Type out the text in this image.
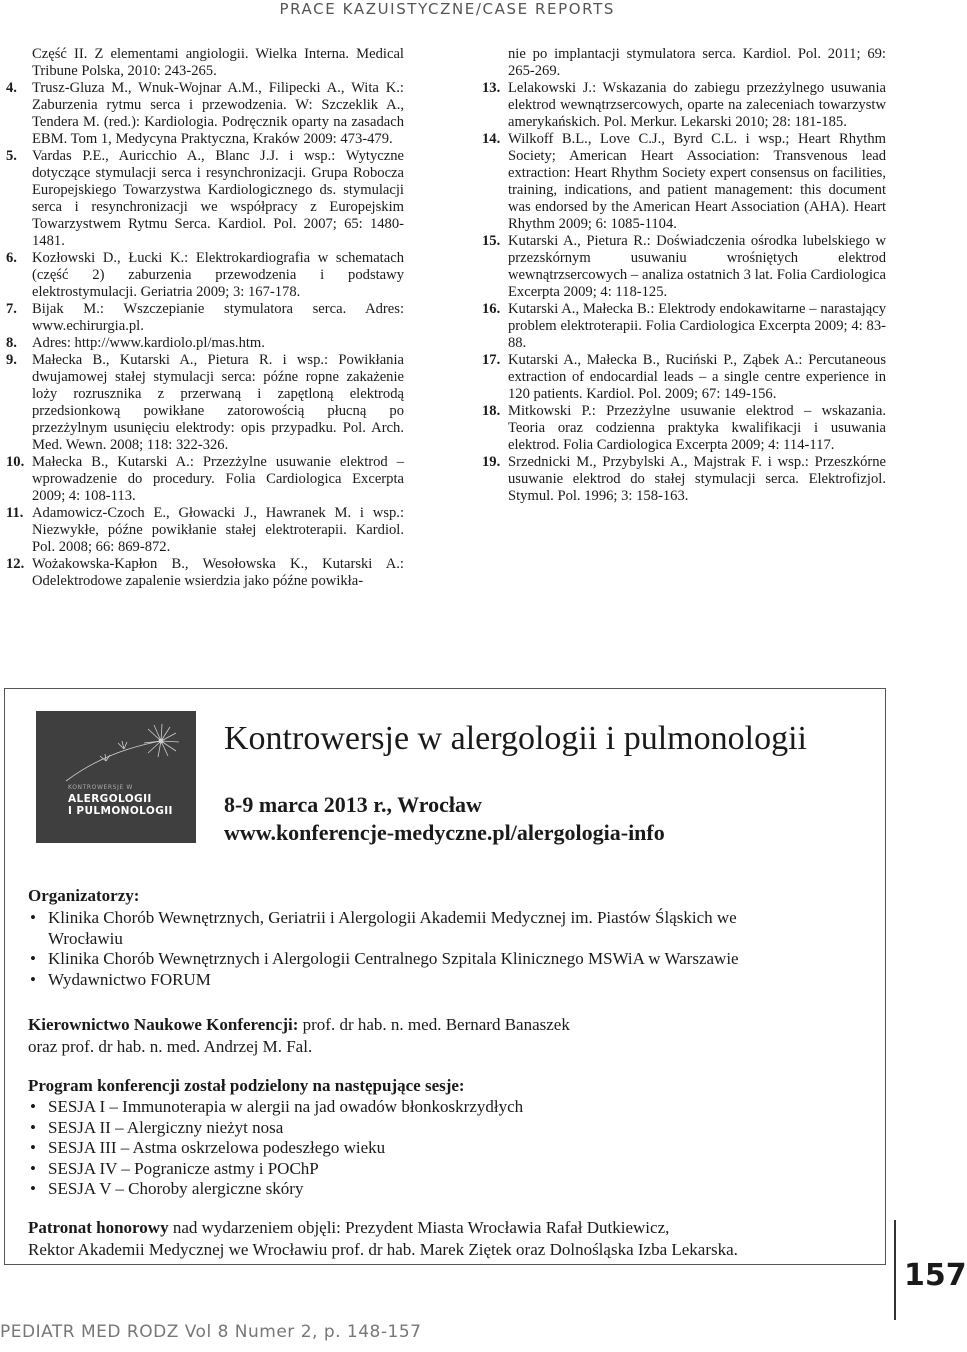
PRACE KAZUISTYCZNE/CASE REPORTS
Część II. Z elementami angiologii. Wielka Interna. Medical Tribune Polska, 2010: 243-265.
4. Trusz-Gluza M., Wnuk-Wojnar A.M., Filipecki A., Wita K.: Zaburzenia rytmu serca i przewodzenia. W: Szczeklik A., Tendera M. (red.): Kardiologia. Podręcznik oparty na zasadach EBM. Tom 1, Medycyna Praktyczna, Kraków 2009: 473-479.
5. Vardas P.E., Auricchio A., Blanc J.J. i wsp.: Wytyczne dotyczące stymulacji serca i resynchronizacji. Grupa Robocza Europejskiego Towarzystwa Kardiologicznego ds. stymulacji serca i resynchronizacji we współpracy z Europejskim Towarzystwem Rytmu Serca. Kardiol. Pol. 2007; 65: 1480-1481.
6. Kozłowski D., Łucki K.: Elektrokardiografia w schematach (część 2) zaburzenia przewodzenia i podstawy elektrostymulacji. Geriatria 2009; 3: 167-178.
7. Bijak M.: Wszczepianie stymulatora serca. Adres: www.echirurgia.pl.
8. Adres: http://www.kardiolo.pl/mas.htm.
9. Małecka B., Kutarski A., Pietura R. i wsp.: Powikłania dwujamowej stałej stymulacji serca: późne ropne zakażenie loży rozrusznika z przerwaną i zapętloną elektrodą przedsionkową powikłane zatorowością płucną po przezżylnym usunięciu elektrody: opis przypadku. Pol. Arch. Med. Wewn. 2008; 118: 322-326.
10. Małecka B., Kutarski A.: Przezżylne usuwanie elektrod – wprowadzenie do procedury. Folia Cardiologica Excerpta 2009; 4: 108-113.
11. Adamowicz-Czoch E., Głowacki J., Hawranek M. i wsp.: Niezwykłe, późne powikłanie stałej elektroterapii. Kardiol. Pol. 2008; 66: 869-872.
12. Wożakowska-Kapłon B., Wesołowska K., Kutarski A.: Odelektrodowe zapalenie wsierdzia jako późne powikła-
nie po implantacji stymulatora serca. Kardiol. Pol. 2011; 69: 265-269.
13. Lelakowski J.: Wskazania do zabiegu przezżylnego usuwania elektrod wewnątrzsercowych, oparte na zaleceniach towarzystw amerykańskich. Pol. Merkur. Lekarski 2010; 28: 181-185.
14. Wilkoff B.L., Love C.J., Byrd C.L. i wsp.; Heart Rhythm Society; American Heart Association: Transvenous lead extraction: Heart Rhythm Society expert consensus on facilities, training, indications, and patient management: this document was endorsed by the American Heart Association (AHA). Heart Rhythm 2009; 6: 1085-1104.
15. Kutarski A., Pietura R.: Doświadczenia ośrodka lubelskiego w przezskórnym usuwaniu wrośniętych elektrod wewnątrzsercowych – analiza ostatnich 3 lat. Folia Cardiologica Excerpta 2009; 4: 118-125.
16. Kutarski A., Małecka B.: Elektrody endokawitarne – narastający problem elektroterapii. Folia Cardiologica Excerpta 2009; 4: 83-88.
17. Kutarski A., Małecka B., Ruciński P., Ząbek A.: Percutaneous extraction of endocardial leads – a single centre experience in 120 patients. Kardiol. Pol. 2009; 67: 149-156.
18. Mitkowski P.: Przezżylne usuwanie elektrod – wskazania. Teoria oraz codzienna praktyka kwalifikacji i usuwania elektrod. Folia Cardiologica Excerpta 2009; 4: 114-117.
19. Srzednicki M., Przybylski A., Majstrak F. i wsp.: Przeszkórne usuwanie elektrod do stałej stymulacji serca. Elektrofizjol. Stymul. Pol. 1996; 3: 158-163.
KONTROWERSJE W
ALERGOLOGII
I PULMONOLOGII
Kontrowersje w alergologii i pulmonologii
8-9 marca 2013 r., Wrocław
www.konferencje-medyczne.pl/alergologia-info
Organizatorzy:
• Klinika Chorób Wewnętrznych, Geriatrii i Alergologii Akademii Medycznej im. Piastów Śląskich we Wrocławiu
• Klinika Chorób Wewnętrznych i Alergologii Centralnego Szpitala Klinicznego MSWiA w Warszawie
• Wydawnictwo FORUM
Kierownictwo Naukowe Konferencji: prof. dr hab. n. med. Bernard Banaszek
oraz prof. dr hab. n. med. Andrzej M. Fal.
Program konferencji został podzielony na następujące sesje:
• SESJA I – Immunoterapia w alergii na jad owadów błonkoskrzydłych
• SESJA II – Alergiczny nieżyt nosa
• SESJA III – Astma oskrzelowa podeszłego wieku
• SESJA IV – Pogranicze astmy i POChP
• SESJA V – Choroby alergiczne skóry
Patronat honorowy nad wydarzeniem objęli: Prezydent Miasta Wrocławia Rafał Dutkiewicz,
Rektor Akademii Medycznej we Wrocławiu prof. dr hab. Marek Ziętek oraz Dolnośląska Izba Lekarska.
157
PEDIATR MED RODZ Vol 8 Numer 2, p. 148-157
